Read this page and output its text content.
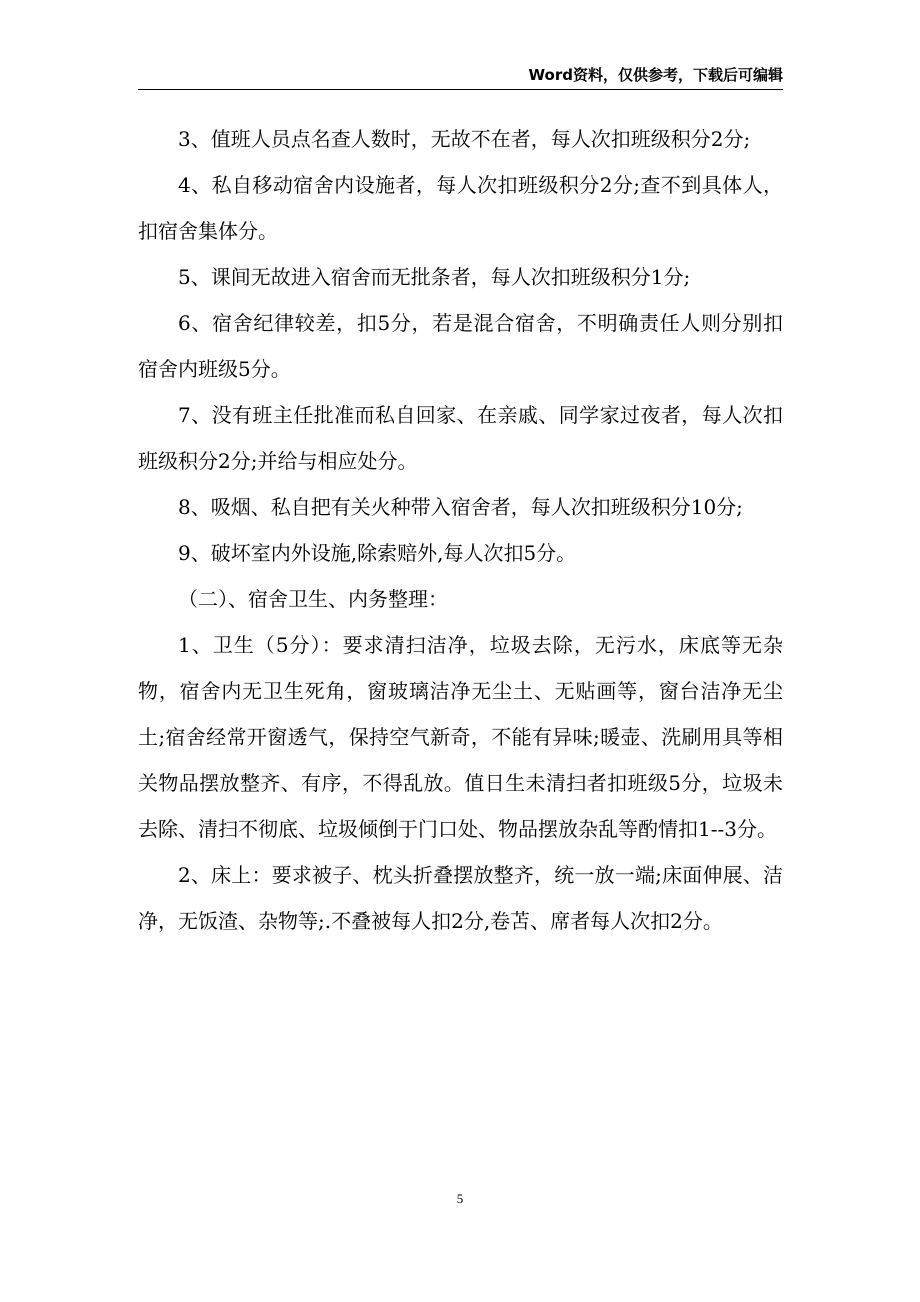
Word资料，仅供参考，下载后可编辑

3、值班人员点名查人数时，无故不在者，每人次扣班级积分2分;

4、私自移动宿舍内设施者，每人次扣班级积分2分;查不到具体人，扣宿舍集体分。

5、课间无故进入宿舍而无批条者，每人次扣班级积分1分;

6、宿舍纪律较差，扣5分，若是混合宿舍，不明确责任人则分别扣宿舍内班级5分。

7、没有班主任批准而私自回家、在亲戚、同学家过夜者，每人次扣班级积分2分;并给与相应处分。

8、吸烟、私自把有关火种带入宿舍者，每人次扣班级积分10分;

9、破坏室内外设施,除索赔外,每人次扣5分。

（二）、宿舍卫生、内务整理：

1、卫生（5分）：要求清扫洁净，垃圾去除，无污水，床底等无杂物，宿舍内无卫生死角，窗玻璃洁净无尘土、无贴画等，窗台洁净无尘土;宿舍经常开窗透气，保持空气新奇，不能有异味;暖壶、洗刷用具等相关物品摆放整齐、有序，不得乱放。值日生未清扫者扣班级5分，垃圾未去除、清扫不彻底、垃圾倾倒于门口处、物品摆放杂乱等酌情扣1--3分。

2、床上：要求被子、枕头折叠摆放整齐，统一放一端;床面伸展、洁净，无饭渣、杂物等;.不叠被每人扣2分,卷苫、席者每人次扣2分。

5
